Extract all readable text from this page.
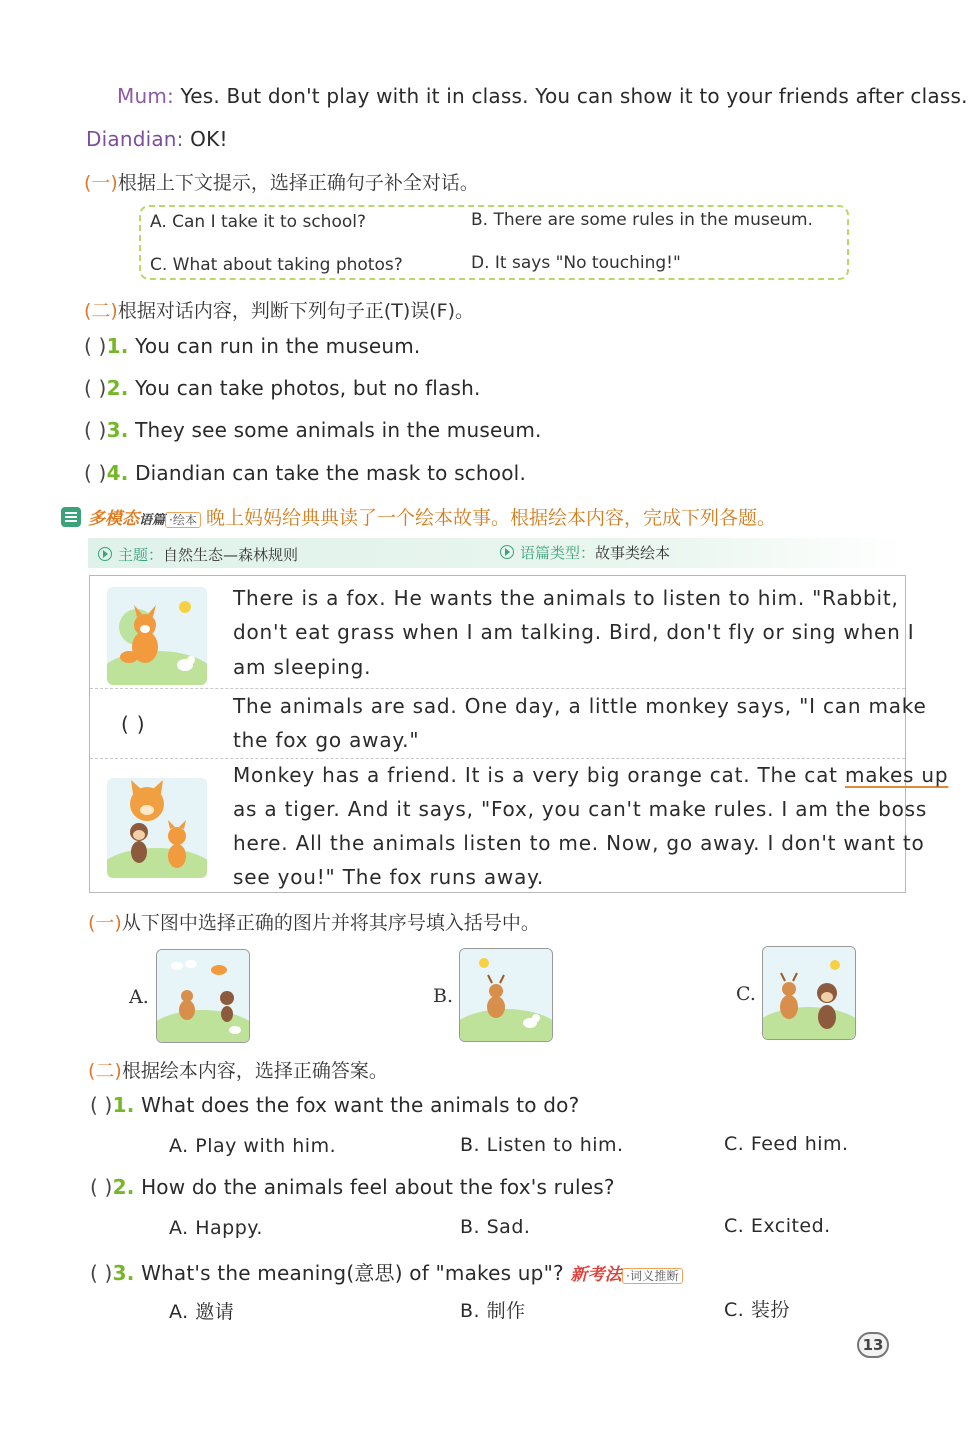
Mum: Yes. But don't play with it in class. You can show it to your friends after class.
Diandian: OK!
(一)根据上下文提示，选择正确句子补全对话。
A. Can I take it to school?	B. There are some rules in the museum.
C. What about taking photos?	D. It says "No touching!"
(二)根据对话内容，判断下列句子正(T)误(F)。
( )1. You can run in the museum.
( )2. You can take photos, but no flash.
( )3. They see some animals in the museum.
( )4. Diandian can take the mask to school.
多模态语篇 ·绘本 晚上妈妈给典典读了一个绘本故事。根据绘本内容，完成下列各题。
主题：自然生态—森林规则	语篇类型：故事类绘本
There is a fox. He wants the animals to listen to him. "Rabbit,
don't eat grass when I am talking. Bird, don't fly or sing when I
am sleeping.
( )
The animals are sad. One day, a little monkey says, "I can make
the fox go away."
Monkey has a friend. It is a very big orange cat. The cat makes up
as a tiger. And it says, "Fox, you can't make rules. I am the boss
here. All the animals listen to me. Now, go away. I don't want to
see you!" The fox runs away.
(一)从下图中选择正确的图片并将其序号填入括号中。
A.	B.	C.
(二)根据绘本内容，选择正确答案。
( )1. What does the fox want the animals to do?
A. Play with him.	B. Listen to him.	C. Feed him.
( )2. How do the animals feel about the fox's rules?
A. Happy.	B. Sad.	C. Excited.
( )3. What's the meaning(意思) of "makes up"? 新考法 ·词义推断
A. 邀请	B. 制作	C. 装扮
13
